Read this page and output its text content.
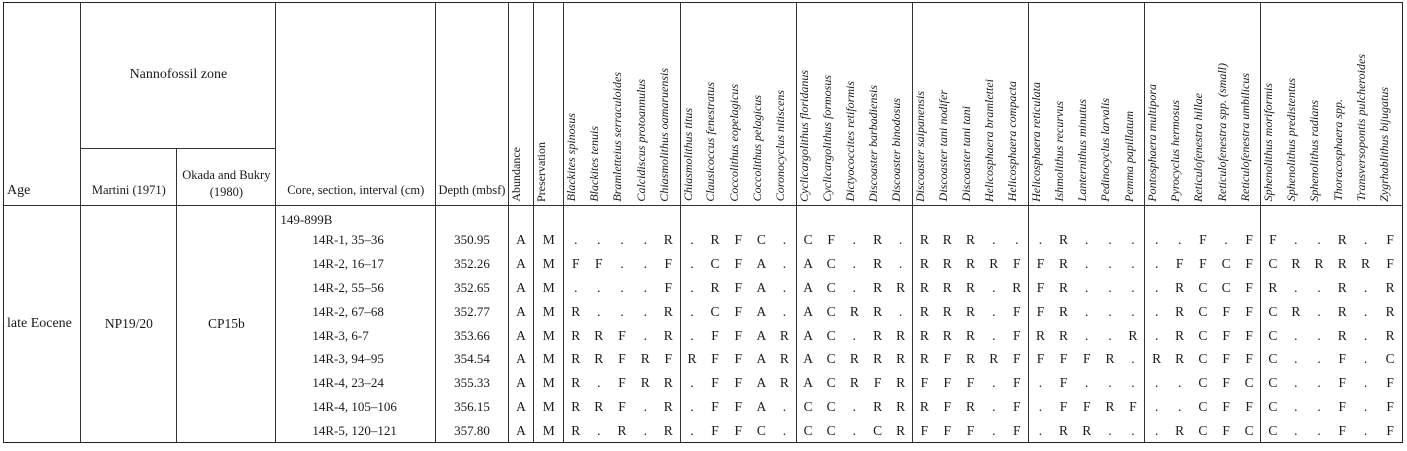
Age	Nannofossil zone		Core, section, interval (cm)	Depth (mbsf)	Abundance	Preservation	Blackites spinosus	Blackites tenuis	Bramletteius serraculoides	Calcidiscus protoannulus	Chiasmolithus oamaruensis	Chiasmolithus titus	Clausicoccus fenestratus	Coccolithus eopelagicus	Coccolithus pelagicus	Coronocyclus nitiscens	Cyclicargolithus floridanus	Cyclicargolithus formosus	Dictyococcites retiformis	Discoaster barbadiensis	Discoaster binodosus	Discoaster saipanensis	Discoaster tani nodifer	Discoaster tani tani	Helicosphaera bramlettei	Helicosphaera compacta	Helicosphaera reticulata	Ishmolithus recurvus	Lanternithus minutus	Pedinocyclus larvalis	Pemma papillatum	Pontosphaera multipora	Pyrocyclus hermosus	Reticulofenestra hillae	Reticulofenestra spp. (small)	Reticulofenestra umbilicus	Sphenolithus moriformis	Sphenolithus predistentus	Sphenolithus radians	Thoracosphaera spp.	Transversopontis pulcheroides	Zygrhablithus bijugatus

	Martini (1971)	Okada and Bukry (1980)																																								
late Eocene	NP19/20	CP15b	149-899B																																							
			14R-1, 35–36	350.95	A	M	.	.	.	.	R	.	R	F	C	.	C	F	.	R	.	R	R	R	.	.	.	R	.	.	.	.	.	F	.	F	F	.	.	R	.	F
			14R-2, 16–17	352.26	A	M	F	F	.	.	F	.	C	F	A	.	A	C	.	R	.	R	R	R	R	F	F	R	.	.	.	.	F	F	C	F	C	R	R	R	R	F
			14R-2, 55–56	352.65	A	M	.	.	.	.	F	.	R	F	A	.	A	C	.	R	R	R	R	R	.	R	F	R	.	.	.	.	R	C	C	F	R	.	.	R	.	R
			14R-2, 67–68	352.77	A	M	R	.	.	.	R	.	C	F	A	.	A	C	R	R	.	R	R	R	.	F	F	R	.	.	.	.	R	C	F	F	C	R	.	R	.	R
			14R-3, 6-7	353.66	A	M	R	R	F	.	R	.	F	F	A	R	A	C	.	R	R	R	R	R	.	F	R	R	.	.	R	.	R	C	F	F	C	.	.	R	.	R
			14R-3, 94–95	354.54	A	M	R	R	F	R	F	R	F	F	A	R	A	C	R	R	R	R	F	R	R	F	F	F	F	R	.	R	R	C	F	F	C	.	.	F	.	C
			14R-4, 23–24	355.33	A	M	R	.	F	R	R	.	F	F	A	R	A	C	R	F	R	F	F	F	.	F	.	F	.	.	.	.	.	C	F	C	C	.	.	F	.	F
			14R-4, 105–106	356.15	A	M	R	R	F	.	R	.	F	F	A	.	C	C	.	R	R	R	F	R	.	F	.	F	F	R	F	.	.	C	F	F	C	.	.	F	.	F
			14R-5, 120–121	357.80	A	M	R	.	R	.	R	.	F	F	C	.	C	C	.	C	R	F	F	F	.	F	.	R	R	.	.	.	R	C	F	C	C	.	.	F	.	F
